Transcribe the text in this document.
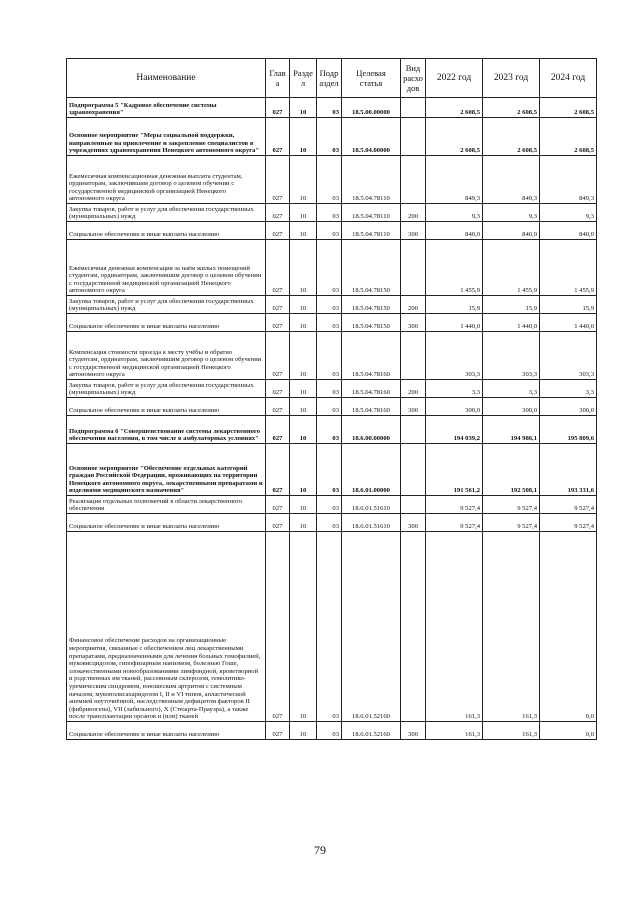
Наименование	Глава	Раздел	Подраздел	Целевая статья	Вид расходов	2022 год	2023 год	2024 год
Подпрограмма 5 "Кадровое обеспечение системы здравоохранения"	027	10	03	18.5.00.00000		2 608,5	2 608,5	2 608,5
Основное мероприятие "Меры социальной поддержки, направленные на привлечение и закрепление специалистов в учреждениях здравоохранения Ненецкого автономного округа"	027	10	03	18.5.04.00000		2 608,5	2 608,5	2 608,5
Ежемесячная компенсационная денежная выплата студентам, ординаторам, заключившим договор о целевом обучении с государственной медицинской организацией Ненецкого автономного округа	027	10	03	18.5.04.78110		849,3	849,3	849,3
Закупка товаров, работ и услуг для обеспечения государственных (муниципальных) нужд	027	10	03	18.5.04.78110	200	9,3	9,3	9,3
Социальное обеспечение и иные выплаты населению	027	10	03	18.5.04.78110	300	840,0	840,0	840,0
Ежемесячная денежная компенсация за наём жилых помещений студентам, ординаторам, заключившим договор о целевом обучении с государственной медицинской организацией Ненецкого автономного округа	027	10	03	18.5.04.78150		1 455,9	1 455,9	1 455,9
Закупка товаров, работ и услуг для обеспечения государственных (муниципальных) нужд	027	10	03	18.5.04.78150	200	15,9	15,9	15,9
Социальное обеспечение и иные выплаты населению	027	10	03	18.5.04.78150	300	1 440,0	1 440,0	1 440,0
Компенсация стоимости проезда к месту учёбы и обратно студентам, ординаторам, заключившим договор о целевом обучении с государственной медицинской организацией Ненецкого автономного округа	027	10	03	18.5.04.78160		303,3	303,3	303,3
Закупка товаров, работ и услуг для обеспечения государственных (муниципальных) нужд	027	10	03	18.5.04.78160	200	3,3	3,3	3,3
Социальное обеспечение и иные выплаты населению	027	10	03	18.5.04.78160	300	300,0	300,0	300,0
Подпрограмма 6 "Совершенствование системы лекарственного обеспечения населения, в том числе в амбулаторных условиях"	027	10	03	18.6.00.00000		194 039,2	194 986,1	195 809,6
Основное мероприятие "Обеспечение отдельных категорий граждан Российской Федерации, проживающих на территории Ненецкого автономного округа, лекарственными препаратами и изделиями медицинского назначения"	027	10	03	18.6.01.00000		191 561,2	192 508,1	193 331,6
Реализация отдельных полномочий в области лекарственного обеспечения	027	10	03	18.6.01.51610		9 527,4	9 527,4	9 527,4
Социальное обеспечение и иные выплаты населению	027	10	03	18.6.01.51610	300	9 527,4	9 527,4	9 527,4
Финансовое обеспечение расходов на организационные мероприятия, связанные с обеспечением лиц лекарственными препаратами, предназначенными для лечения больных гемофилией, муковисцидозом, гипофизарным нанизмом, болезнью Гоше, злокачественными новообразованиями лимфоидной, кроветворной и родственных им тканей, рассеянным склерозом, гемолитико-уремическим синдромом, юношеским артритом с системным началом, мукополисахаридозом I, II и VI типов, апластической анемией неуточнённой, наследственным дефицитом факторов II (фибриногена), VII (лабильного), X (Стюарта-Прауэра), а также после трансплантации органов и (или) тканей	027	10	03	18.6.01.52160		161,3	161,3	0,0
Социальное обеспечение и иные выплаты населению	027	10	03	18.6.01.52160	300	161,3	161,3	0,0
79
